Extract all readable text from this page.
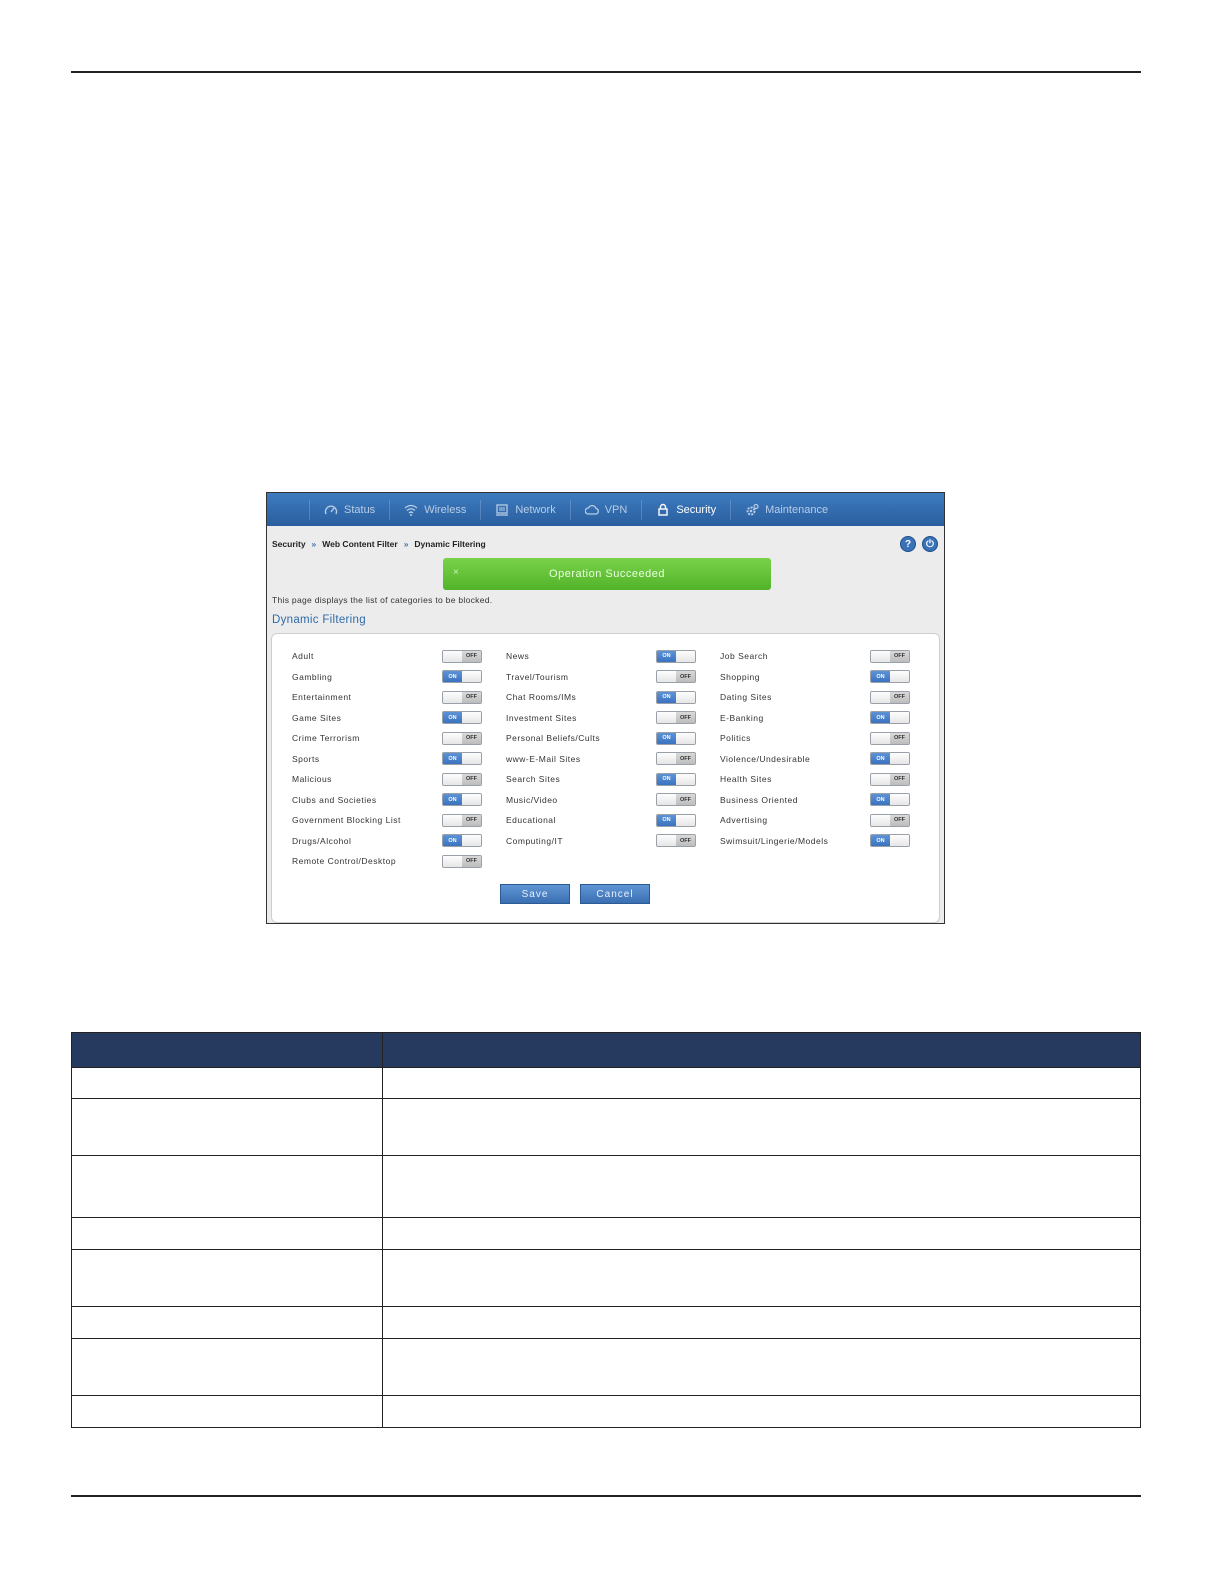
Status	Wireless	Network	VPN	Security	Maintenance
Security » Web Content Filter » Dynamic Filtering	?	⏻
×	Operation Succeeded
This page displays the list of categories to be blocked.
Dynamic Filtering
Adult	OFF	News	ON	Job Search	OFF
Gambling	ON	Travel/Tourism	OFF	Shopping	ON
Entertainment	OFF	Chat Rooms/IMs	ON	Dating Sites	OFF
Game Sites	ON	Investment Sites	OFF	E-Banking	ON
Crime Terrorism	OFF	Personal Beliefs/Cults	ON	Politics	OFF
Sports	ON	www-E-Mail Sites	OFF	Violence/Undesirable	ON
Malicious	OFF	Search Sites	ON	Health Sites	OFF
Clubs and Societies	ON	Music/Video	OFF	Business Oriented	ON
Government Blocking List	OFF	Educational	ON	Advertising	OFF
Drugs/Alcohol	ON	Computing/IT	OFF	Swimsuit/Lingerie/Models	ON
Remote Control/Desktop	OFF
Save	Cancel
